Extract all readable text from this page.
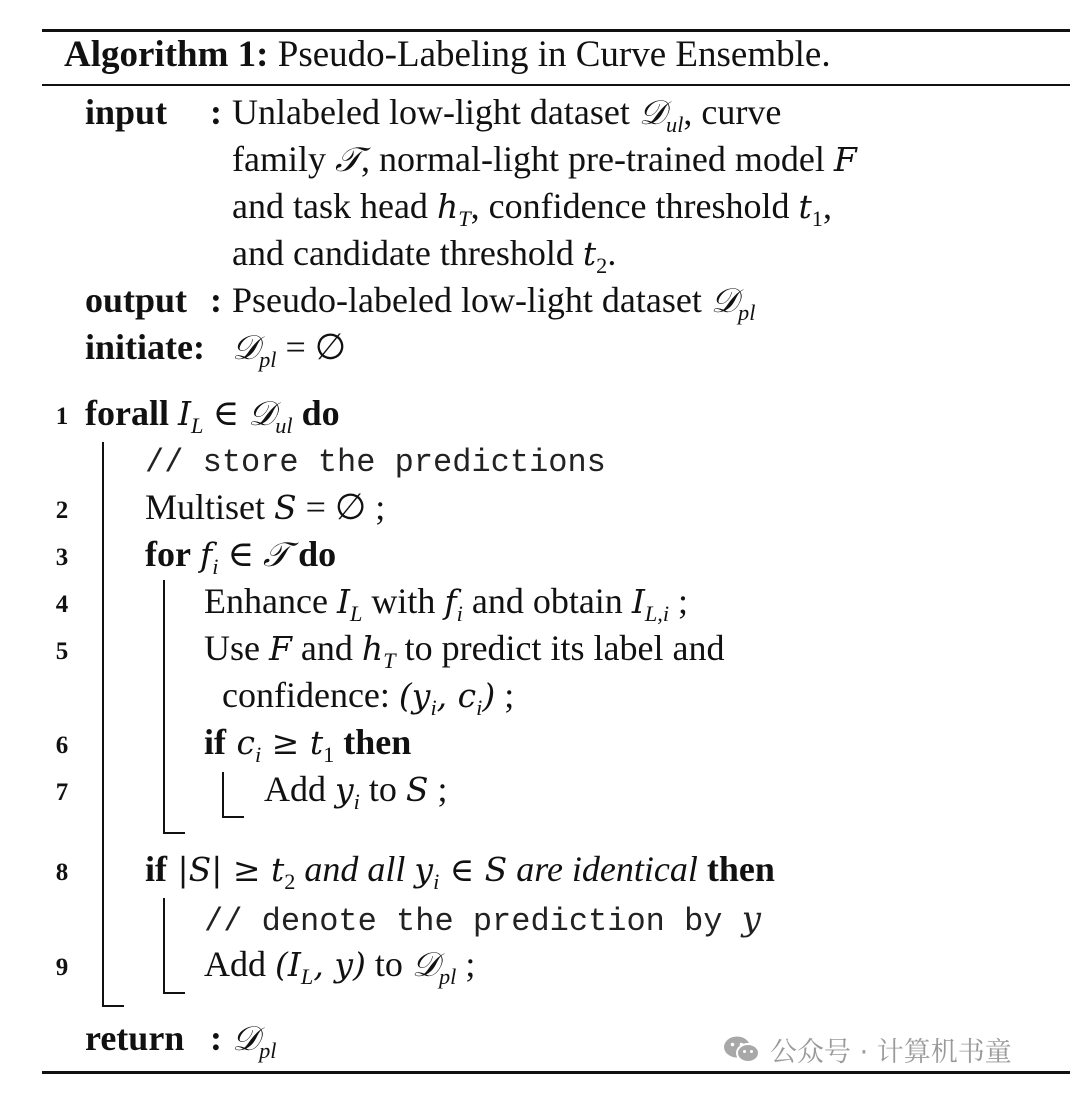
Algorithm 1: Pseudo-Labeling in Curve Ensemble.
input : Unlabeled low-light dataset 𝒟$_{ul}$, curve
family 𝒯, normal-light pre-trained model F
and task head $h_T$, confidence threshold $t_1$,
and candidate threshold $t_2$.
output : Pseudo-labeled low-light dataset 𝒟$_{pl}$
initiate: 𝒟$_{pl}$ = ∅
1 forall $I_L$ ∈ 𝒟$_{ul}$ do
// store the predictions
2 Multiset S = ∅ ;
3 for $f_i$ ∈ 𝒯 do
4	Enhance $I_L$ with $f_i$ and obtain $I_{L,i}$ ;
5	Use F and $h_T$ to predict its label and
confidence: ($y_i$, $c_i$) ;
6	if $c_i \ge t_1$ then
7	Add $y_i$ to S ;
8 if $|S| \ge t_2$ and all $y_i$ ∈ S are identical then
// denote the prediction by y
9	Add ($I_L$, y) to 𝒟$_{pl}$ ;
return : 𝒟$_{pl}$	公众号 · 计算机书童
